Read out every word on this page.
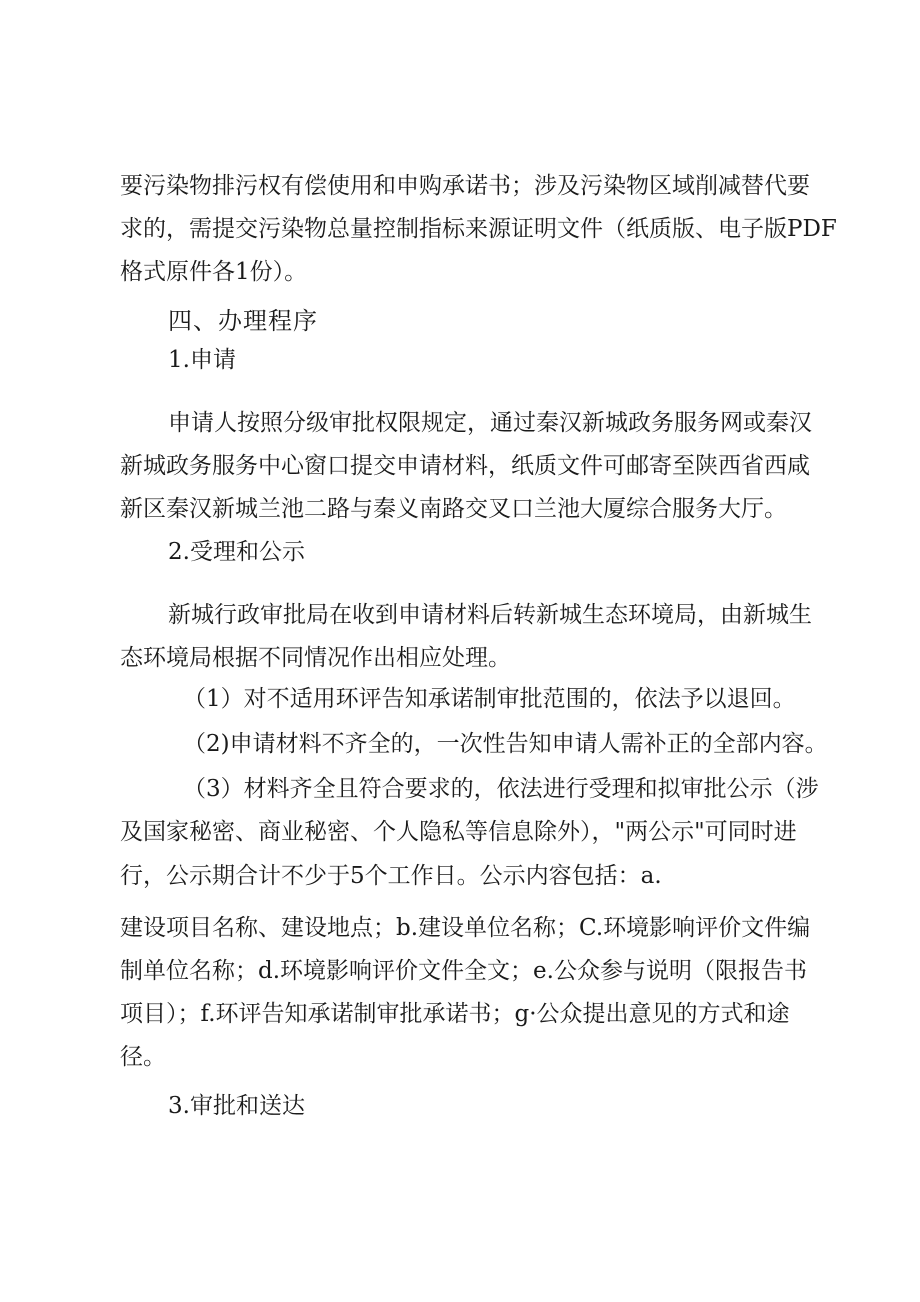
要污染物排污权有偿使用和申购承诺书；涉及污染物区域削减替代要
求的，需提交污染物总量控制指标来源证明文件（纸质版、电子版PDF
格式原件各1份）。
四、办理程序
1.申请
申请人按照分级审批权限规定，通过秦汉新城政务服务网或秦汉
新城政务服务中心窗口提交申请材料，纸质文件可邮寄至陕西省西咸
新区秦汉新城兰池二路与秦义南路交叉口兰池大厦综合服务大厅。
2.受理和公示
新城行政审批局在收到申请材料后转新城生态环境局，由新城生
态环境局根据不同情况作出相应处理。
（1）对不适用环评告知承诺制审批范围的，依法予以退回。
（2)申请材料不齐全的，一次性告知申请人需补正的全部内容。
（3）材料齐全且符合要求的，依法进行受理和拟审批公示（涉
及国家秘密、商业秘密、个人隐私等信息除外），"两公示"可同时进
行，公示期合计不少于5个工作日。公示内容包括：a.
建设项目名称、建设地点；b.建设单位名称；C.环境影响评价文件编
制单位名称；d.环境影响评价文件全文；e.公众参与说明（限报告书
项目）；f.环评告知承诺制审批承诺书；g·公众提出意见的方式和途
径。
3.审批和送达
